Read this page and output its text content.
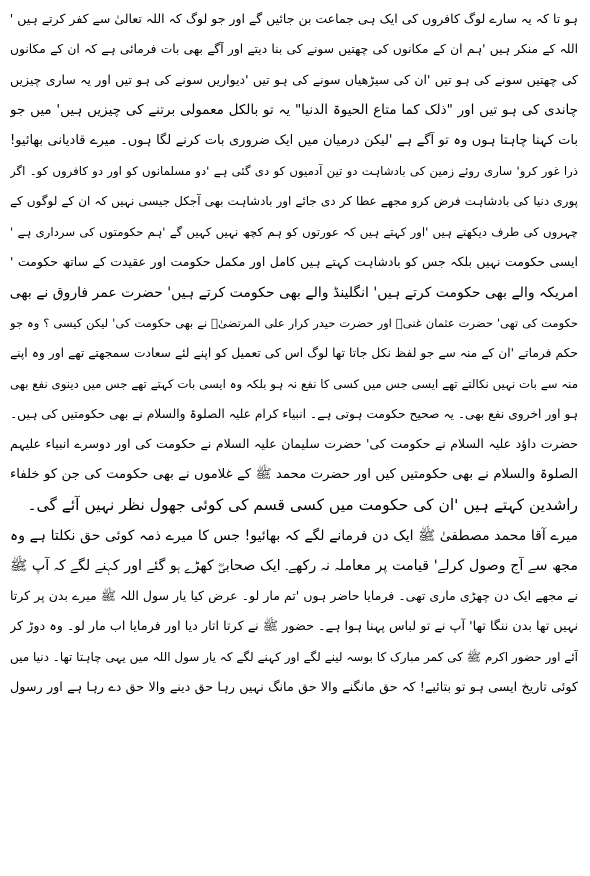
ہو تا کہ یہ سارے لوگ کافروں کی ایک ہی جماعت بن جائیں گے اور جو لوگ کہ اللہ تعالیٰ سے کفر کرتے ہیں '
اللہ کے منکر ہیں 'ہم ان کے مکانوں کی چھتیں سونے کی بنا دیتے اور آگے بھی بات فرمائی ہے کہ ان کے مکانوں
کی چھتیں سونے کی ہو تیں 'ان کی سیڑھیاں سونے کی ہو تیں 'دیواریں سونے کی ہو تیں اور یہ ساری چیزیں
چاندی کی ہو تیں اور "ذلک کما متاع الحیوۃ الدنیا" یہ تو بالکل معمولی برتنے کی چیزیں ہیں' میں جو
بات کہنا چاہتا ہوں وہ تو آگے ہے 'لیکن درمیان میں ایک ضروری بات کرنے لگا ہوں۔ میرے قادیانی بھائیو!
ذرا غور کرو' ساری روئے زمین کی بادشاہت دو تین آدمیوں کو دی گئی ہے 'دو مسلمانوں کو اور دو کافروں کو۔ اگر
پوری دنیا کی بادشاہت فرض کرو مجھے عطا کر دی جائے اور بادشاہت بھی آجکل جیسی نہیں کہ ان کے لوگوں کے
چہروں کی طرف دیکھتے ہیں 'اور کہتے ہیں کہ عورتوں کو ہم کچھ نہیں کہیں گے 'ہم حکومتوں کی سرداری ہے '
ایسی حکومت نہیں بلکہ جس کو بادشاہت کہتے ہیں کامل اور مکمل حکومت اور عقیدت کے ساتھ حکومت '
امریکہ والے بھی حکومت کرتے ہیں' انگلینڈ والے بھی حکومت کرتے ہیں' حضرت عمر فاروق نے بھی
حکومت کی تھی' حضرت عثمان غنیؓ اور حضرت حیدر کرار علی المرتضیٰؓ نے بھی حکومت کی' لیکن کیسی ؟ وہ جو
حکم فرماتے 'ان کے منہ سے جو لفظ نکل جاتا تھا لوگ اس کی تعمیل کو اپنے لئے سعادت سمجھتے تھے اور وہ اپنے
منہ سے بات نہیں نکالتے تھے ایسی جس میں کسی کا نفع نہ ہو بلکہ وہ ایسی بات کہتے تھے جس میں دینوی نفع بھی
ہو اور اخروی نفع بھی۔ یہ صحیح حکومت ہوتی ہے۔ انبیاء کرام علیہ الصلوۃ والسلام نے بھی حکومتیں کی ہیں۔
حضرت داؤد علیہ السلام نے حکومت کی' حضرت سلیمان علیہ السلام نے حکومت کی اور دوسرے انبیاء علیہم
الصلوۃ والسلام نے بھی حکومتیں کیں اور حضرت محمد ﷺ کے غلاموں نے بھی حکومت کی جن کو خلفاء
راشدین کہتے ہیں 'ان کی حکومت میں کسی قسم کی کوئی جھول نظر نہیں آئے گی۔
میرے آقا محمد مصطفیٰ ﷺ ایک دن فرمانے لگے کہ بھائیو! جس کا میرے ذمہ کوئی حق نکلتا ہے وہ
مجھ سے آج وصول کرلے' قیامت پر معاملہ نہ رکھے۔ ایک صحابیؓ کھڑے ہو گئے اور کہنے لگے کہ آپ ﷺ
نے مجھے ایک دن چھڑی ماری تھی۔ فرمایا حاضر ہوں 'تم مار لو۔ عرض کیا یار سول اللہ ﷺ میرے بدن پر کرتا
نہیں تھا بدن ننگا تھا' آپ نے تو لباس پہنا ہوا ہے۔ حضور ﷺ نے کرتا اتار دیا اور فرمایا اب مار لو۔ وہ دوڑ کر
آئے اور حضور اکرم ﷺ کی کمر مبارک کا بوسہ لینے لگے اور کہنے لگے کہ یار سول اللہ میں یہی چاہتا تھا۔ دنیا میں
کوئی تاریخ ایسی ہو تو بتائیے! کہ حق مانگنے والا حق مانگ نہیں رہا حق دینے والا حق دے رہا ہے اور رسول
